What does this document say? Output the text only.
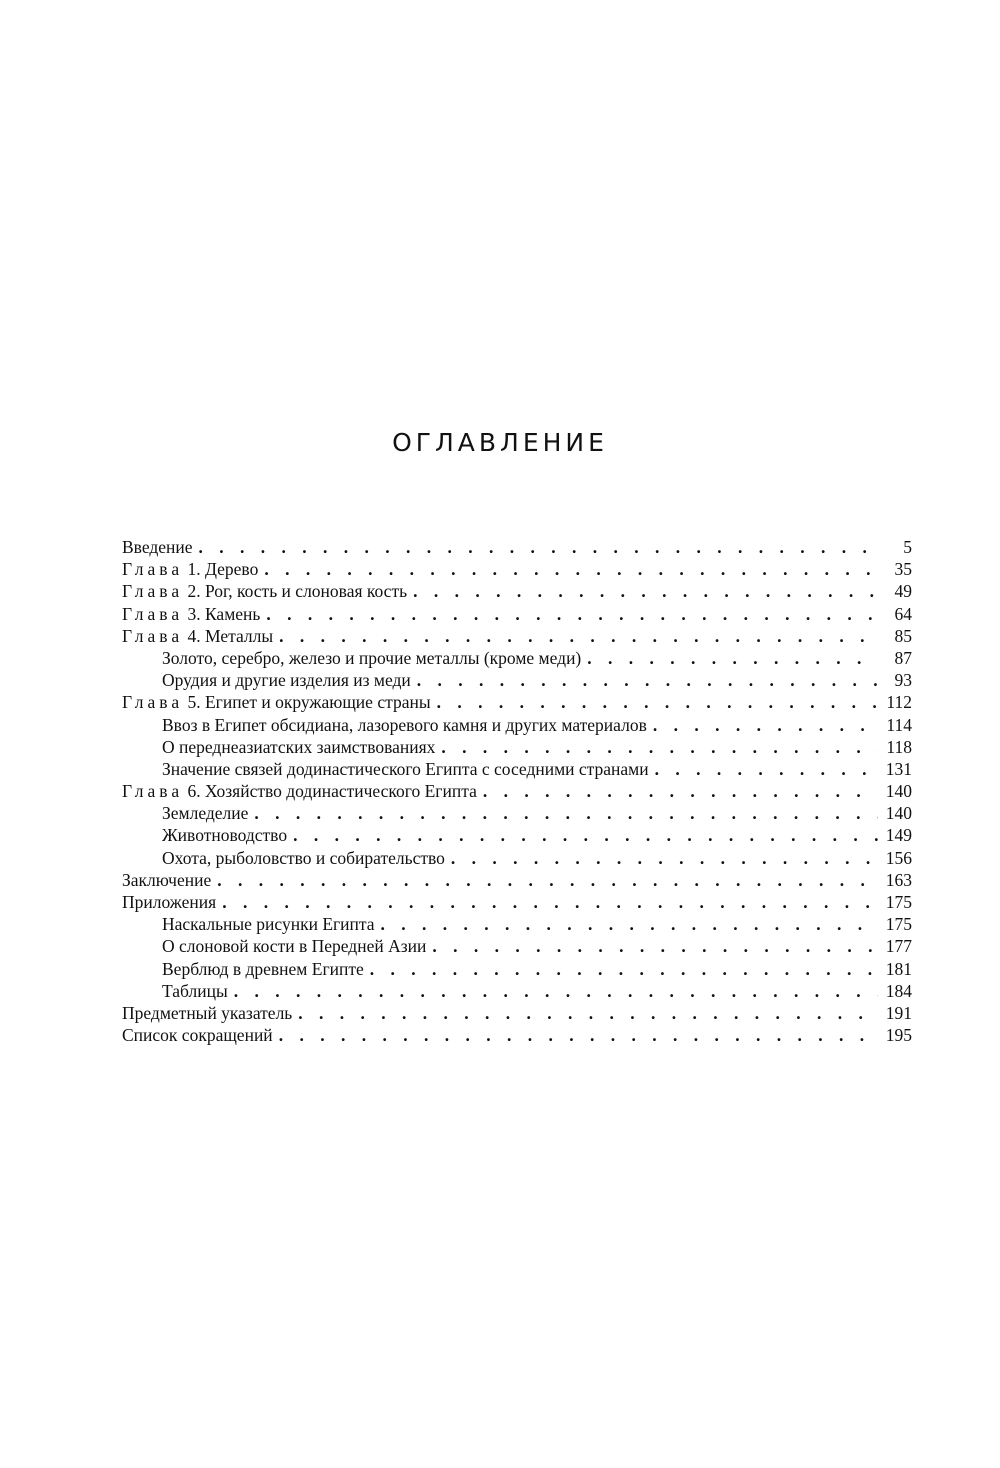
ОГЛАВЛЕНИЕ
Введение . . .	5
Глава 1. Дерево . . .	35
Глава 2. Рог, кость и слоновая кость . . .	49
Глава 3. Камень . . .	64
Глава 4. Металлы . . .	85
Золото, серебро, железо и прочие металлы (кроме меди) . . .	87
Орудия и другие изделия из меди . . .	93
Глава 5. Египет и окружающие страны . . .	112
Ввоз в Египет обсидиана, лазоревого камня и других материалов . . .	114
О переднеазиатских заимствованиях . . .	118
Значение связей додинастического Египта с соседними странами . . .	131
Глава 6. Хозяйство додинастического Египта . . .	140
Земледелие . . .	140
Животноводство . . .	149
Охота, рыболовство и собирательство . . .	156
Заключение . . .	163
Приложения . . .	175
Наскальные рисунки Египта . . .	175
О слоновой кости в Передней Азии . . .	177
Верблюд в древнем Египте . . .	181
Таблицы . . .	184
Предметный указатель . . .	191
Список сокращений . . .	195
